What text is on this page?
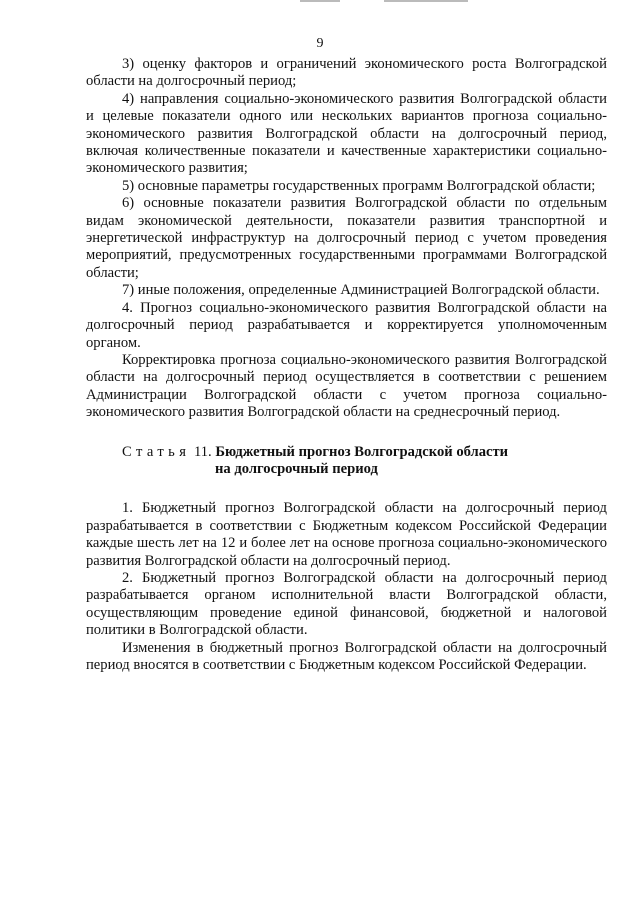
9

3) оценку факторов и ограничений экономического роста Волгоградской области на долгосрочный период;

4) направления социально-экономического развития Волгоградской области и целевые показатели одного или нескольких вариантов прогноза социально-экономического развития Волгоградской области на долгосрочный период, включая количественные показатели и качественные характеристики социально-экономического развития;

5) основные параметры государственных программ Волгоградской области;

6) основные показатели развития Волгоградской области по отдельным видам экономической деятельности, показатели развития транспортной и энергетической инфраструктур на долгосрочный период с учетом проведения мероприятий, предусмотренных государственными программами Волгоградской области;

7) иные положения, определенные Администрацией Волгоградской области.

4. Прогноз социально-экономического развития Волгоградской области на долгосрочный период разрабатывается и корректируется уполномоченным органом.

Корректировка прогноза социально-экономического развития Волгоградской области на долгосрочный период осуществляется в соответствии с решением Администрации Волгоградской области с учетом прогноза социально-экономического развития Волгоградской области на среднесрочный период.

Статья 11. Бюджетный прогноз Волгоградской области
на долгосрочный период

1. Бюджетный прогноз Волгоградской области на долгосрочный период разрабатывается в соответствии с Бюджетным кодексом Российской Федерации каждые шесть лет на 12 и более лет на основе прогноза социально-экономического развития Волгоградской области на долгосрочный период.

2. Бюджетный прогноз Волгоградской области на долгосрочный период разрабатывается органом исполнительной власти Волгоградской области, осуществляющим проведение единой финансовой, бюджетной и налоговой политики в Волгоградской области.

Изменения в бюджетный прогноз Волгоградской области на долгосрочный период вносятся в соответствии с Бюджетным кодексом Российской Федерации.
